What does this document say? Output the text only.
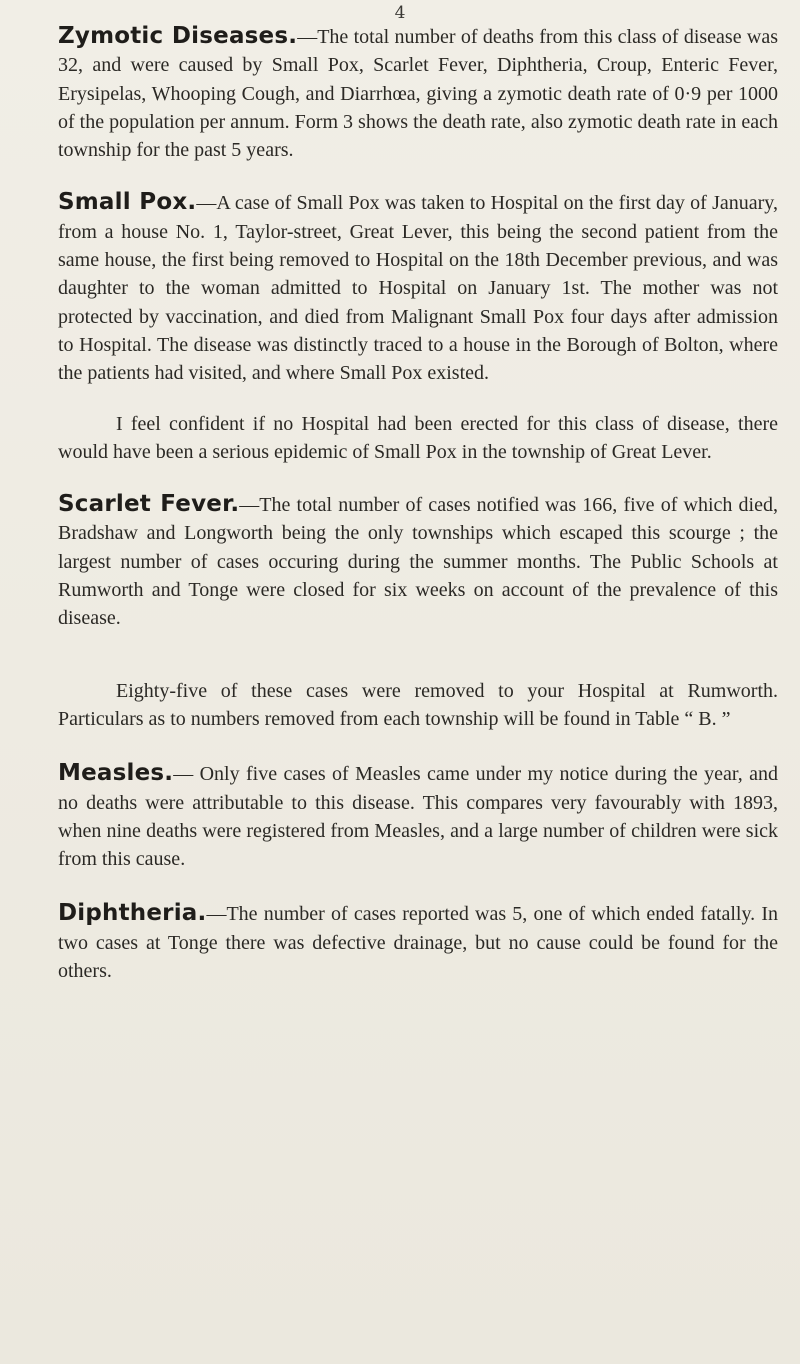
4

Zymotic Diseases.—The total number of deaths from this class of disease was 32, and were caused by Small Pox, Scarlet Fever, Diphtheria, Croup, Enteric Fever, Erysipelas, Whooping Cough, and Diarrhœa, giving a zymotic death rate of 0·9 per 1000 of the population per annum. Form 3 shows the death rate, also zymotic death rate in each township for the past 5 years.

Small Pox.—A case of Small Pox was taken to Hospital on the first day of January, from a house No. 1, Taylor-street, Great Lever, this being the second patient from the same house, the first being removed to Hospital on the 18th December previous, and was daughter to the woman admitted to Hospital on January 1st. The mother was not protected by vaccination, and died from Malignant Small Pox four days after admission to Hospital. The disease was distinctly traced to a house in the Borough of Bolton, where the patients had visited, and where Small Pox existed.

I feel confident if no Hospital had been erected for this class of disease, there would have been a serious epidemic of Small Pox in the township of Great Lever.

Scarlet Fever.—The total number of cases notified was 166, five of which died, Bradshaw and Longworth being the only townships which escaped this scourge ; the largest number of cases occuring during the summer months. The Public Schools at Rumworth and Tonge were closed for six weeks on account of the prevalence of this disease.

Eighty-five of these cases were removed to your Hospital at Rumworth. Particulars as to numbers removed from each township will be found in Table “ B. ”

Measles.— Only five cases of Measles came under my notice during the year, and no deaths were attributable to this disease. This compares very favourably with 1893, when nine deaths were registered from Measles, and a large number of children were sick from this cause.

Diphtheria.—The number of cases reported was 5, one of which ended fatally. In two cases at Tonge there was defective drainage, but no cause could be found for the others.
